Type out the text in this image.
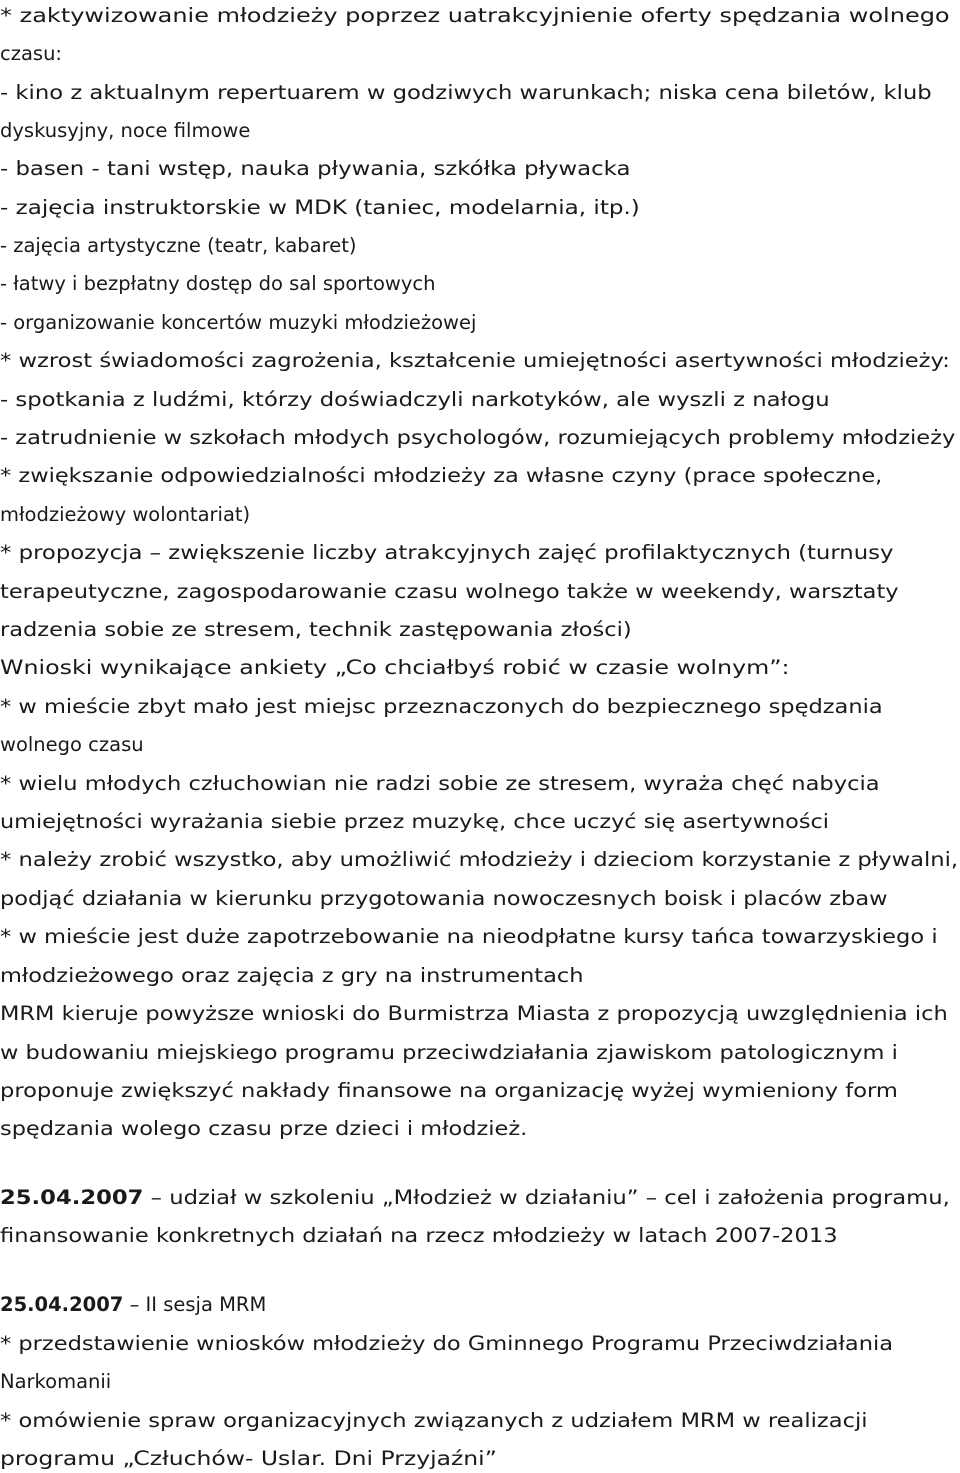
* zaktywizowanie młodzieży poprzez uatrakcyjnienie oferty spędzania wolnego

czasu:

- kino z aktualnym repertuarem w godziwych warunkach; niska cena biletów, klub

dyskusyjny, noce filmowe

- basen - tani wstęp, nauka pływania, szkółka pływacka

- zajęcia instruktorskie w MDK (taniec, modelarnia, itp.)

- zajęcia artystyczne (teatr, kabaret)

- łatwy i bezpłatny dostęp do sal sportowych

- organizowanie koncertów muzyki młodzieżowej

* wzrost świadomości zagrożenia, kształcenie umiejętności asertywności młodzieży:

- spotkania z ludźmi, którzy doświadczyli narkotyków, ale wyszli z nałogu

- zatrudnienie w szkołach młodych psychologów, rozumiejących problemy młodzieży

* zwiększanie odpowiedzialności młodzieży za własne czyny (prace społeczne,

młodzieżowy wolontariat)

* propozycja – zwiększenie liczby atrakcyjnych zajęć profilaktycznych (turnusy

terapeutyczne, zagospodarowanie czasu wolnego także w weekendy, warsztaty

radzenia sobie ze stresem, technik zastępowania złości)

Wnioski wynikające ankiety „Co chciałbyś robić w czasie wolnym”:

* w mieście zbyt mało jest miejsc przeznaczonych do bezpiecznego spędzania

wolnego czasu

* wielu młodych człuchowian nie radzi sobie ze stresem, wyraża chęć nabycia

umiejętności wyrażania siebie przez muzykę, chce uczyć się asertywności

* należy zrobić wszystko, aby umożliwić młodzieży i dzieciom korzystanie z pływalni,

podjąć działania w kierunku przygotowania nowoczesnych boisk i placów zbaw

* w mieście jest duże zapotrzebowanie na nieodpłatne kursy tańca towarzyskiego i

młodzieżowego oraz zajęcia z gry na instrumentach

MRM kieruje powyższe wnioski do Burmistrza Miasta z propozycją uwzględnienia ich

w budowaniu miejskiego programu przeciwdziałania zjawiskom patologicznym i

proponuje zwiększyć nakłady finansowe na organizację wyżej wymieniony form

spędzania wolego czasu prze dzieci i młodzież.

25.04.2007 – udział w szkoleniu „Młodzież w działaniu” – cel i założenia programu,

finansowanie konkretnych działań na rzecz młodzieży w latach 2007-2013

25.04.2007 – II sesja MRM

* przedstawienie wniosków młodzieży do Gminnego Programu Przeciwdziałania

Narkomanii

* omówienie spraw organizacyjnych związanych z udziałem MRM w realizacji

programu „Człuchów- Uslar. Dni Przyjaźni”
